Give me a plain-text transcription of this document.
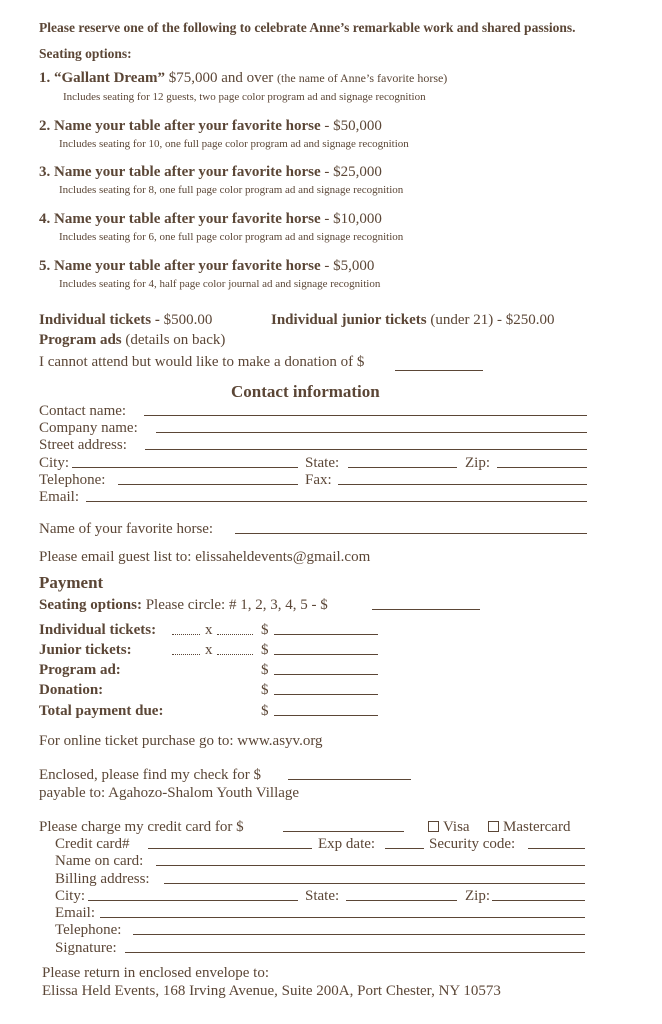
Please reserve one of the following to celebrate Anne’s remarkable work and shared passions.
Seating options:
1. “Gallant Dream” $75,000 and over (the name of Anne’s favorite horse)
Includes seating for 12 guests, two page color program ad and signage recognition
2. Name your table after your favorite horse - $50,000
Includes seating for 10, one full page color program ad and signage recognition
3. Name your table after your favorite horse - $25,000
Includes seating for 8, one full page color program ad and signage recognition
4. Name your table after your favorite horse - $10,000
Includes seating for 6, one full page color program ad and signage recognition
5. Name your table after your favorite horse - $5,000
Includes seating for 4, half page color journal ad and signage recognition
Individual tickets - $500.00	Individual junior tickets (under 21) - $250.00
Program ads (details on back)
I cannot attend but would like to make a donation of $
Contact information
Contact name:
Company name:
Street address:
City:	State:	Zip:
Telephone:	Fax:
Email:
Name of your favorite horse:
Please email guest list to: elissaheldevents@gmail.com
Payment
Seating options: Please circle: # 1, 2, 3, 4, 5 - $
Individual tickets:	x	$
Junior tickets:	x	$
Program ad:	$
Donation:	$
Total payment due:	$
For online ticket purchase go to: www.asyv.org
Enclosed, please find my check for $
payable to: Agahozo-Shalom Youth Village
Please charge my credit card for $	Visa	Mastercard
Credit card#	Exp date:	Security code:
Name on card:
Billing address:
City:	State:	Zip:
Email:
Telephone:
Signature:
Please return in enclosed envelope to:
Elissa Held Events, 168 Irving Avenue, Suite 200A, Port Chester, NY 10573
